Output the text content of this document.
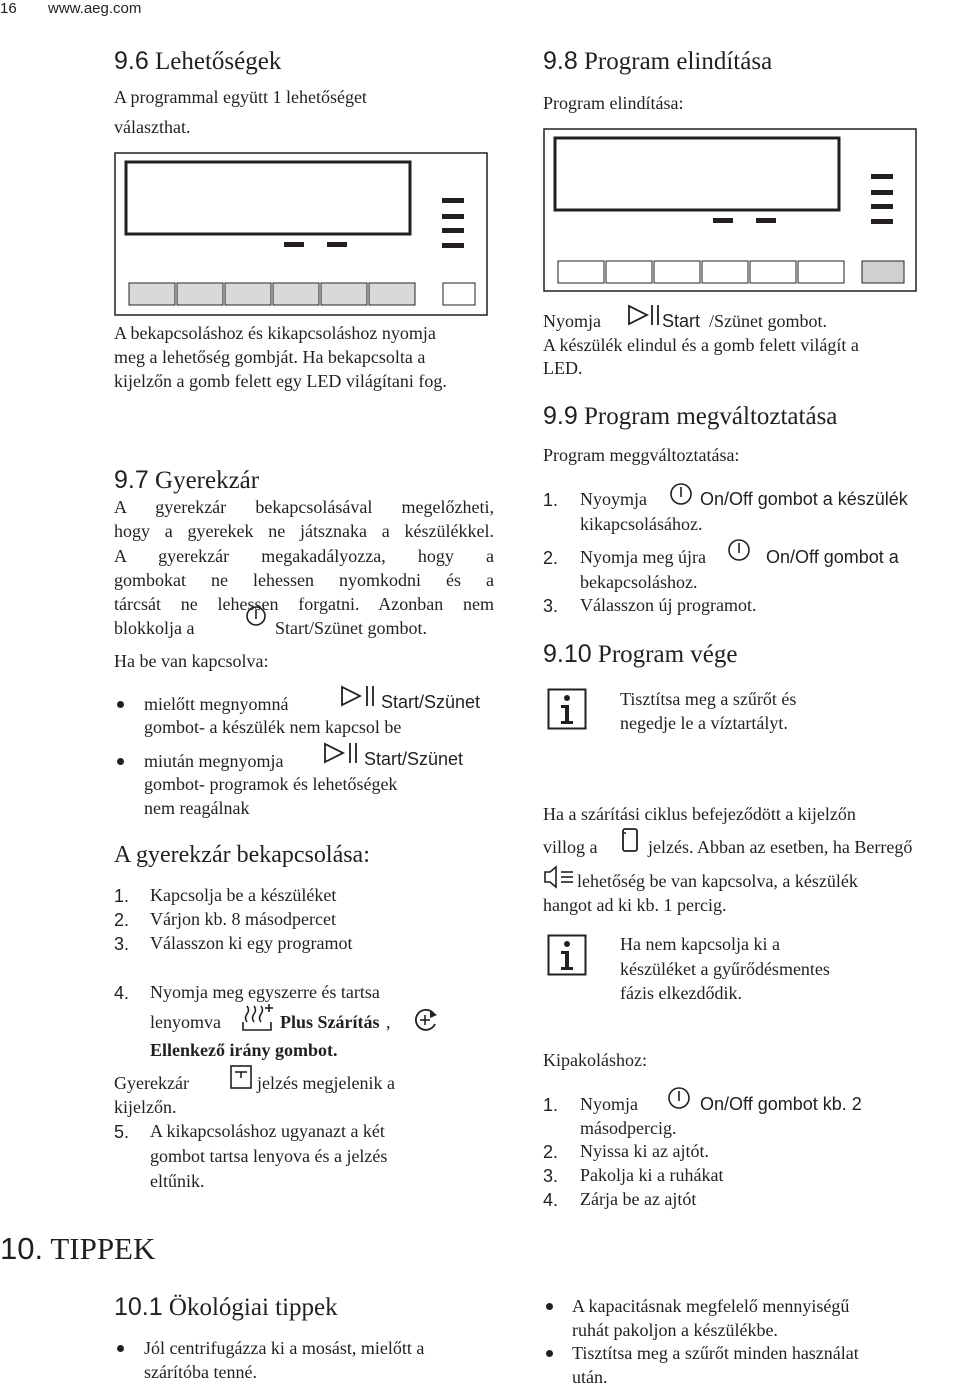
16 www.aeg.com
9.6 Lehetőségek
A programmal együtt 1 lehetőséget
választhat.
A bekapcsoláshoz és kikapcsoláshoz nyomja
meg a lehetőség gombját. Ha bekapcsolta a
kijelzőn a gomb felett egy LED világítani fog.
9.7 Gyerekzár
A gyerekzár bekapcsolásával megelőzheti,
hogy a gyerekek ne játsznaka a készülékkel.
A gyerekzár megakadályozza, hogy a
gombokat ne lehessen nyomkodni és a
tárcsát ne lehessen forgatni. Azonban nem
blokkolja a	Start/Szünet gombot.
Ha be van kapcsolva:
mielőtt megnyomná	Start/Szünet
gombot- a készülék nem kapcsol be
miután megnyomja	Start/Szünet
gombot- programok és lehetőségek
nem reagálnak
A gyerekzár bekapcsolása:
1. Kapcsolja be a készüléket
2. Várjon kb. 8 másodpercet
3. Válasszon ki egy programot
4. Nyomja meg egyszerre és tartsa
lenyomva	Plus Szárítás ,
Ellenkező irány gombot.
Gyerekzár	jelzés megjelenik a
kijelzőn.
5. A kikapcsoláshoz ugyanazt a két
gombot tartsa lenyova és a jelzés
eltűnik.
10. TIPPEK
10.1 Ökológiai tippek
Jól centrifugázza ki a mosást, mielőtt a
szárítóba tenné.
9.8 Program elindítása
Program elindítása:
Nyomja	Start /Szünet gombot.
A készülék elindul és a gomb felett világít a
LED.
9.9 Program megváltoztatása
Program meggváltoztatása:
1. Nyoymja	On/Off gombot a készülék
kikapcsolásához.
2. Nyomja meg újra	On/Off gombot a
bekapcsoláshoz.
3. Válasszon új programot.
9.10 Program vége
Tisztítsa meg a szűrőt és
negedje le a víztartályt.
Ha a szárítási ciklus befejeződött a kijelzőn
villog a	jelzés. Abban az esetben, ha Berregő
lehetőség be van kapcsolva, a készülék
hangot ad ki kb. 1 percig.
Ha nem kapcsolja ki a
készüléket a gyűrődésmentes
fázis elkezdődik.
Kipakoláshoz:
1. Nyomja	On/Off gombot kb. 2
másodpercig.
2. Nyissa ki az ajtót.
3. Pakolja ki a ruhákat
4. Zárja be az ajtót
A kapacitásnak megfelelő mennyiségű
ruhát pakoljon a készülékbe.
Tisztítsa meg a szűrőt minden használat
után.
